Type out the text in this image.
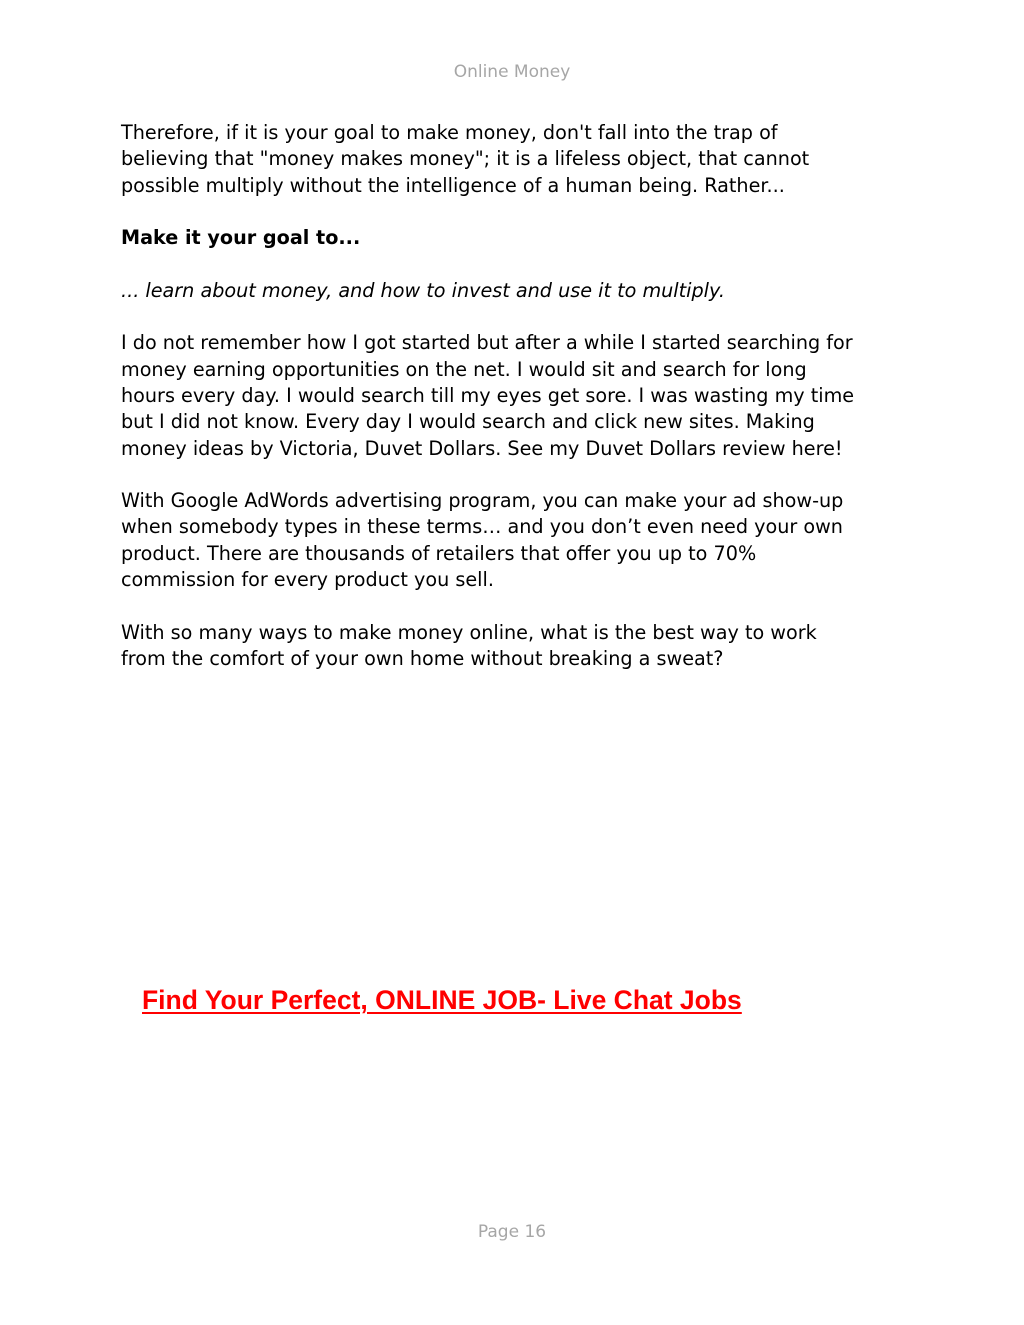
Online Money

Therefore, if it is your goal to make money, don't fall into the trap of
believing that "money makes money"; it is a lifeless object, that cannot
possible multiply without the intelligence of a human being. Rather...

Make it your goal to...

... learn about money, and how to invest and use it to multiply.

I do not remember how I got started but after a while I started searching for
money earning opportunities on the net. I would sit and search for long
hours every day. I would search till my eyes get sore. I was wasting my time
but I did not know. Every day I would search and click new sites. Making
money ideas by Victoria, Duvet Dollars. See my Duvet Dollars review here!

With Google AdWords advertising program, you can make your ad show-up
when somebody types in these terms… and you don’t even need your own
product. There are thousands of retailers that offer you up to 70%
commission for every product you sell.

With so many ways to make money online, what is the best way to work
from the comfort of your own home without breaking a sweat?

Find Your Perfect, ONLINE JOB- Live Chat Jobs
Page 16
